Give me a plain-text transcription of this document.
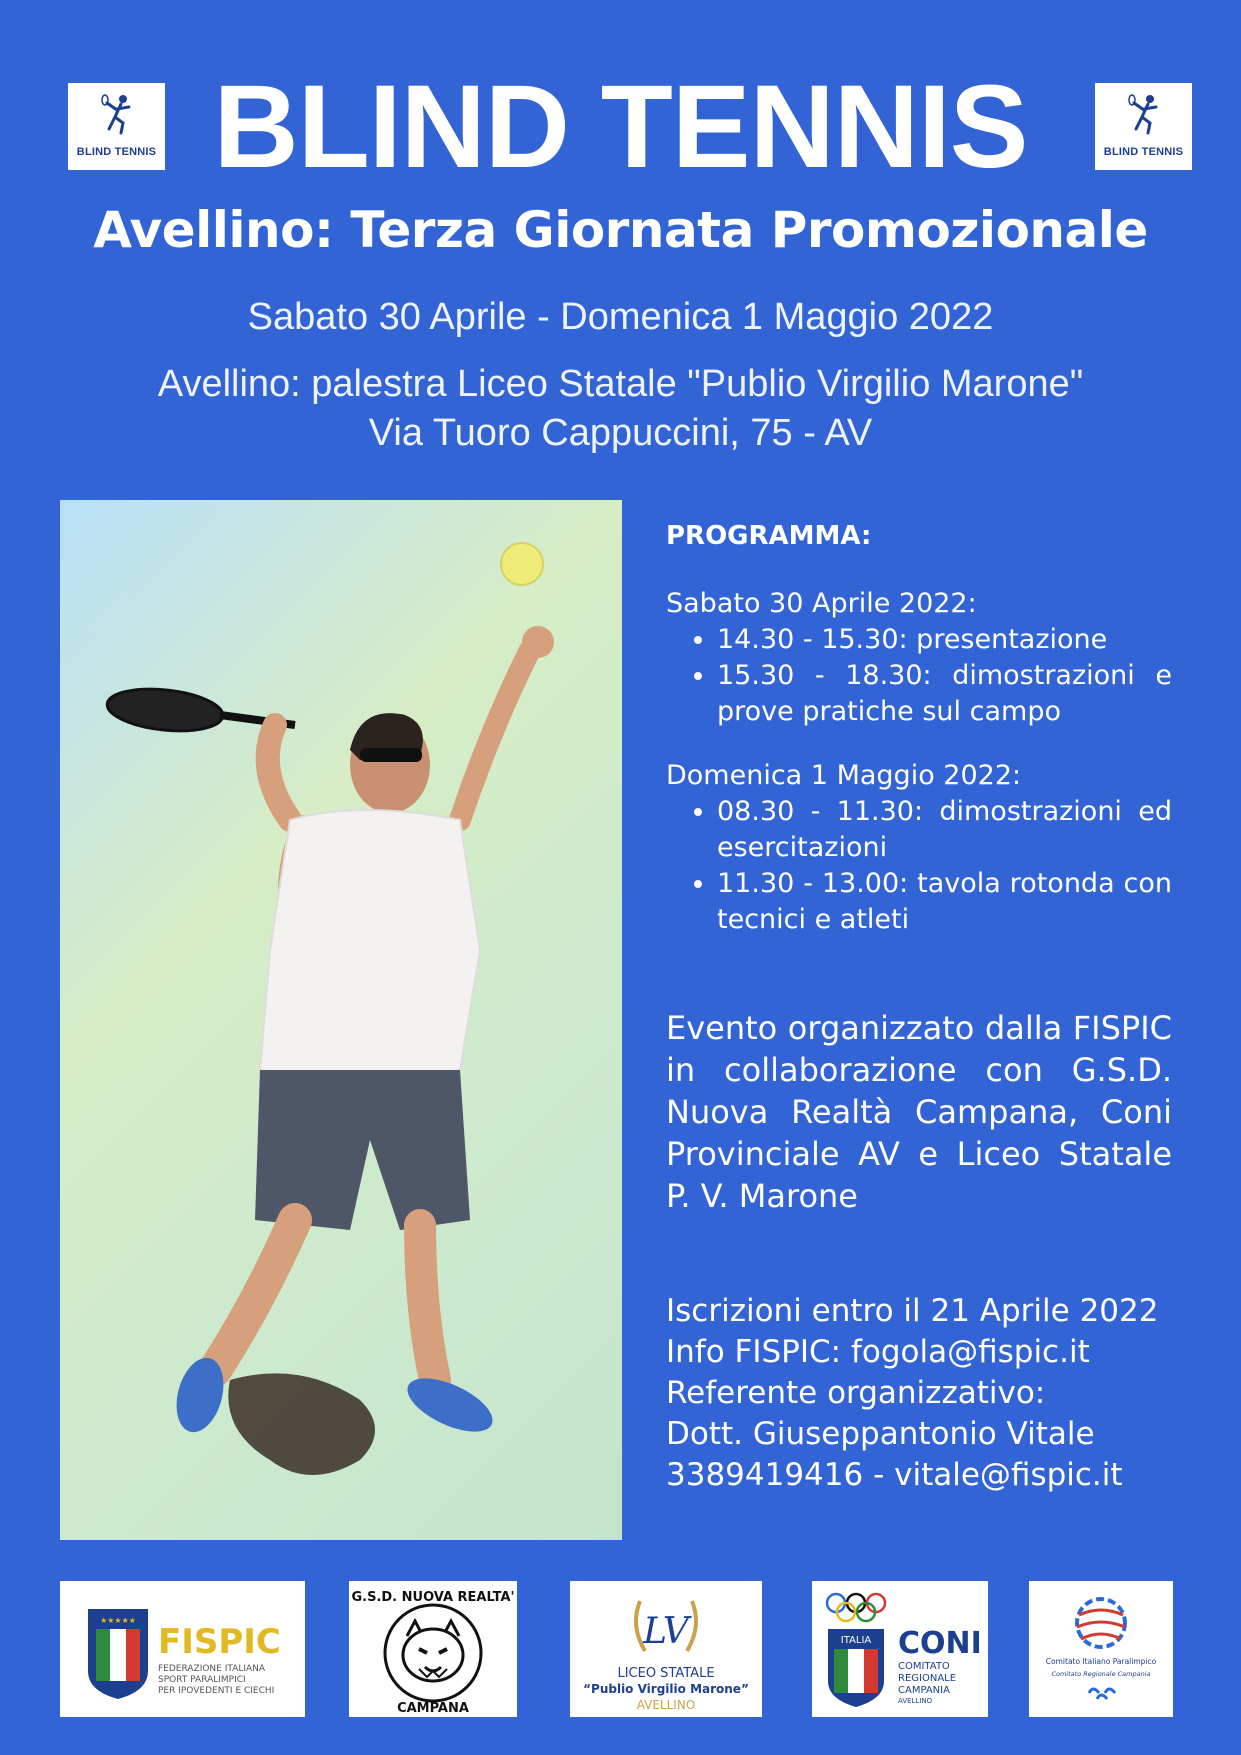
BLIND TENNIS	BLIND TENNIS
BLIND TENNIS
Avellino: Terza Giornata Promozionale
Sabato 30 Aprile - Domenica 1 Maggio 2022
Avellino: palestra Liceo Statale "Publio Virgilio Marone"
Via Tuoro Cappuccini, 75 - AV
PROGRAMMA:
Sabato 30 Aprile 2022:
• 14.30 - 15.30: presentazione
• 15.30 - 18.30: dimostrazioni e prove pratiche sul campo
Domenica 1 Maggio 2022:
• 08.30 - 11.30: dimostrazioni ed esercitazioni
• 11.30 - 13.00: tavola rotonda con tecnici e atleti
Evento organizzato dalla FISPIC in collaborazione con G.S.D. Nuova Realtà Campana, Coni Provinciale AV e Liceo Statale P. V. Marone
Iscrizioni entro il 21 Aprile 2022
Info FISPIC: fogola@fispic.it
Referente organizzativo:
Dott. Giuseppantonio Vitale
3389419416 - vitale@fispic.it
★★★★★
FISPIC
FEDERAZIONE ITALIANA
SPORT PARALIMPICI
PER IPOVEDENTI E CIECHI
G.S.D. NUOVA REALTA'
CAMPANA
LV
LICEO STATALE
“Publio Virgilio Marone”
AVELLINO
ITALIA CONI
COMITATO
REGIONALE
CAMPANIA
AVELLINO
Comitato Italiano Paralimpico
Comitato Regionale Campania
